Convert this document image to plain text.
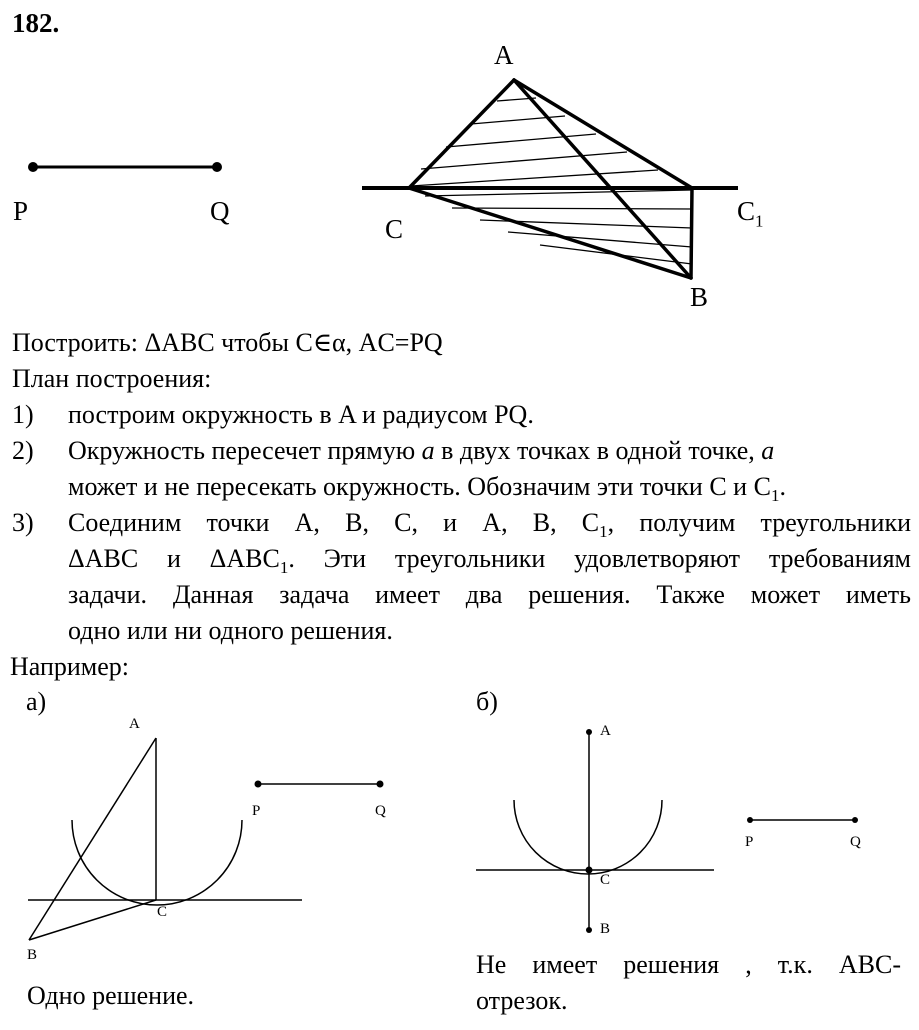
182.
P	Q
A
C
$C_1$
B
Построить: ΔABC чтобы C∈α, AC=PQ
План построения:
1) построим окружность в A и радиусом PQ.
2) Окружность пересечет прямую a в двух точках в одной точке, a
может и не пересекать окружность. Обозначим эти точки C и $C_1$.
3) Соединим точки A, B, C, и A, B, $C_1$, получим треугольники
ΔABC и $\Delta ABC_1$. Эти треугольники удовлетворяют требованиям
задачи. Данная задача имеет два решения. Также может иметь
одно или ни одного решения.
Например:
а)
A
C
B
P	Q
Одно решение.
б)
A
C
B
P	Q
Не имеет решения , т.к. ABC-
отрезок.
